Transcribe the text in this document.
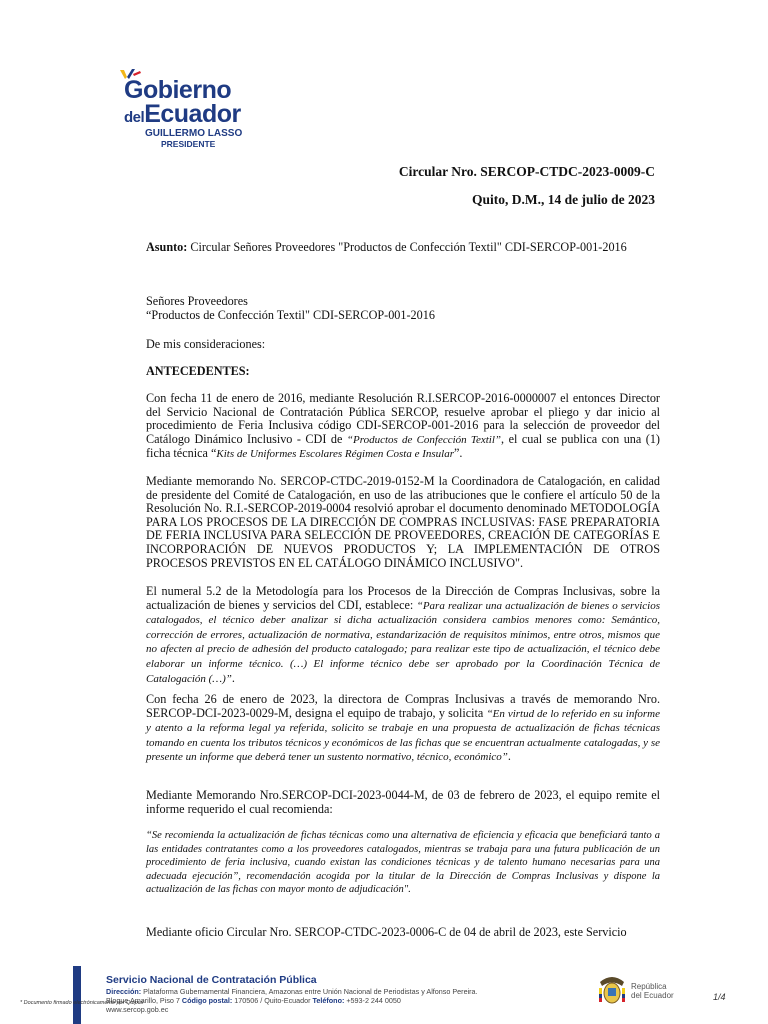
Gobierno
delEcuador
GUILLERMO LASSO
PRESIDENTE
Circular Nro. SERCOP-CTDC-2023-0009-C
Quito, D.M., 14 de julio de 2023

Asunto: Circular Señores Proveedores "Productos de Confección Textil" CDI-SERCOP-001-2016

Señores Proveedores

“Productos de Confección Textil" CDI-SERCOP-001-2016

De mis consideraciones:

ANTECEDENTES:

Con fecha 11 de enero de 2016, mediante Resolución R.I.SERCOP-2016-0000007 el entonces Director del Servicio Nacional de Contratación Pública SERCOP, resuelve aprobar el pliego y dar inicio al procedimiento de Feria Inclusiva código CDI-SERCOP-001-2016 para la selección de proveedor del Catálogo Dinámico Inclusivo - CDI de “Productos de Confección Textil”, el cual se publica con una (1) ficha técnica “Kits de Uniformes Escolares Régimen Costa e Insular”.

Mediante memorando No. SERCOP-CTDC-2019-0152-M la Coordinadora de Catalogación, en calidad de presidente del Comité de Catalogación, en uso de las atribuciones que le confiere el artículo 50 de la Resolución No. R.I.-SERCOP-2019-0004 resolvió aprobar el documento denominado METODOLOGÍA PARA LOS PROCESOS DE LA DIRECCIÓN DE COMPRAS INCLUSIVAS: FASE PREPARATORIA DE FERIA INCLUSIVA PARA SELECCIÓN DE PROVEEDORES, CREACIÓN DE CATEGORÍAS E INCORPORACIÓN DE NUEVOS PRODUCTOS Y; LA IMPLEMENTACIÓN DE OTROS PROCESOS PREVISTOS EN EL CATÁLOGO DINÁMICO INCLUSIVO".

El numeral 5.2 de la Metodología para los Procesos de la Dirección de Compras Inclusivas, sobre la actualización de bienes y servicios del CDI, establece: “Para realizar una actualización de bienes o servicios catalogados, el técnico deber analizar si dicha actualización considera cambios menores como: Semántico, corrección de errores, actualización de normativa, estandarización de requisitos mínimos, entre otros, mismos que no afecten al precio de adhesión del producto catalogado; para realizar este tipo de actualización, el técnico debe elaborar un informe técnico. (…) El informe técnico debe ser aprobado por la Coordinación Técnica de Catalogación (…)”.

Con fecha 26 de enero de 2023, la directora de Compras Inclusivas a través de memorando Nro. SERCOP-DCI-2023-0029-M, designa el equipo de trabajo, y solicita “En virtud de lo referido en su informe y atento a la reforma legal ya referida, solicito se trabaje en una propuesta de actualización de fichas técnicas tomando en cuenta los tributos técnicos y económicos de las fichas que se encuentran actualmente catalogadas, y se presente un informe que deberá tener un sustento normativo, técnico, económico”.

Mediante Memorando Nro.SERCOP-DCI-2023-0044-M, de 03 de febrero de 2023, el equipo remite el informe requerido el cual recomienda:

“Se recomienda la actualización de fichas técnicas como una alternativa de eficiencia y eficacia que beneficiará tanto a las entidades contratantes como a los proveedores catalogados, mientras se trabaja para una futura publicación de un procedimiento de feria inclusiva, cuando existan las condiciones técnicas y de talento humano necesarias para una adecuada ejecución”, recomendación acogida por la titular de la Dirección de Compras Inclusivas y dispone la actualización de las fichas con mayor monto de adjudicación".

Mediante oficio Circular Nro. SERCOP-CTDC-2023-0006-C de 04 de abril de 2023, este Servicio

Servicio Nacional de Contratación Pública
Dirección: Plataforma Gubernamental Financiera, Amazonas entre Unión Nacional de Periodistas y Alfonso Pereira.
Bloque Amarillo, Piso 7 Código postal: 170506 / Quito-Ecuador Teléfono: +593-2 244 0050
www.sercop.gob.ec
* Documento firmado electrónicamente por Quipux
República
del Ecuador	1/4
